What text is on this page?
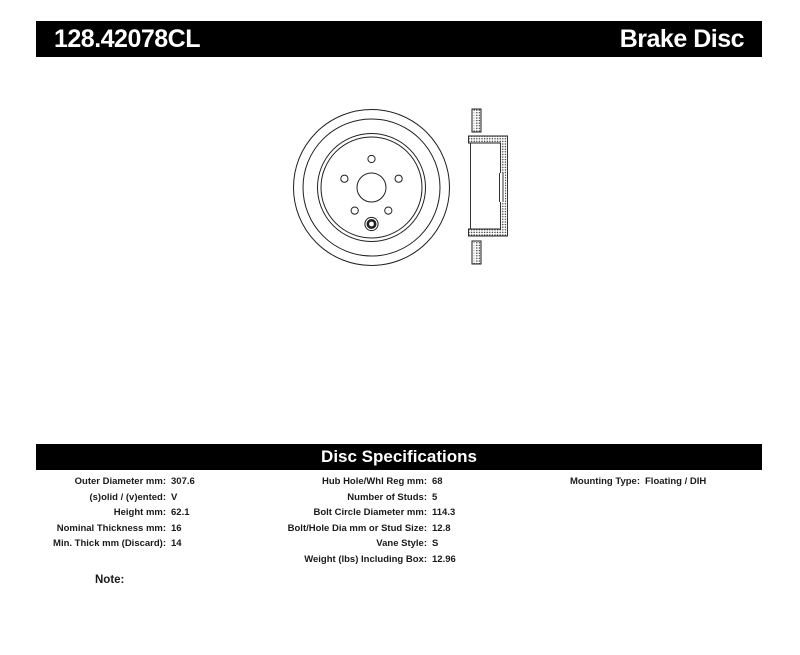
128.42078CL	Brake Disc
Disc Specifications
Outer Diameter mm: 307.6
(s)olid / (v)ented: V
Height mm: 62.1
Nominal Thickness mm: 16
Min. Thick mm (Discard): 14
Hub Hole/Whl Reg mm: 68
Number of Studs: 5
Bolt Circle Diameter mm: 114.3
Bolt/Hole Dia mm or Stud Size: 12.8
Vane Style: S
Weight (lbs) Including Box: 12.96
Mounting Type: Floating / DIH
Note:
